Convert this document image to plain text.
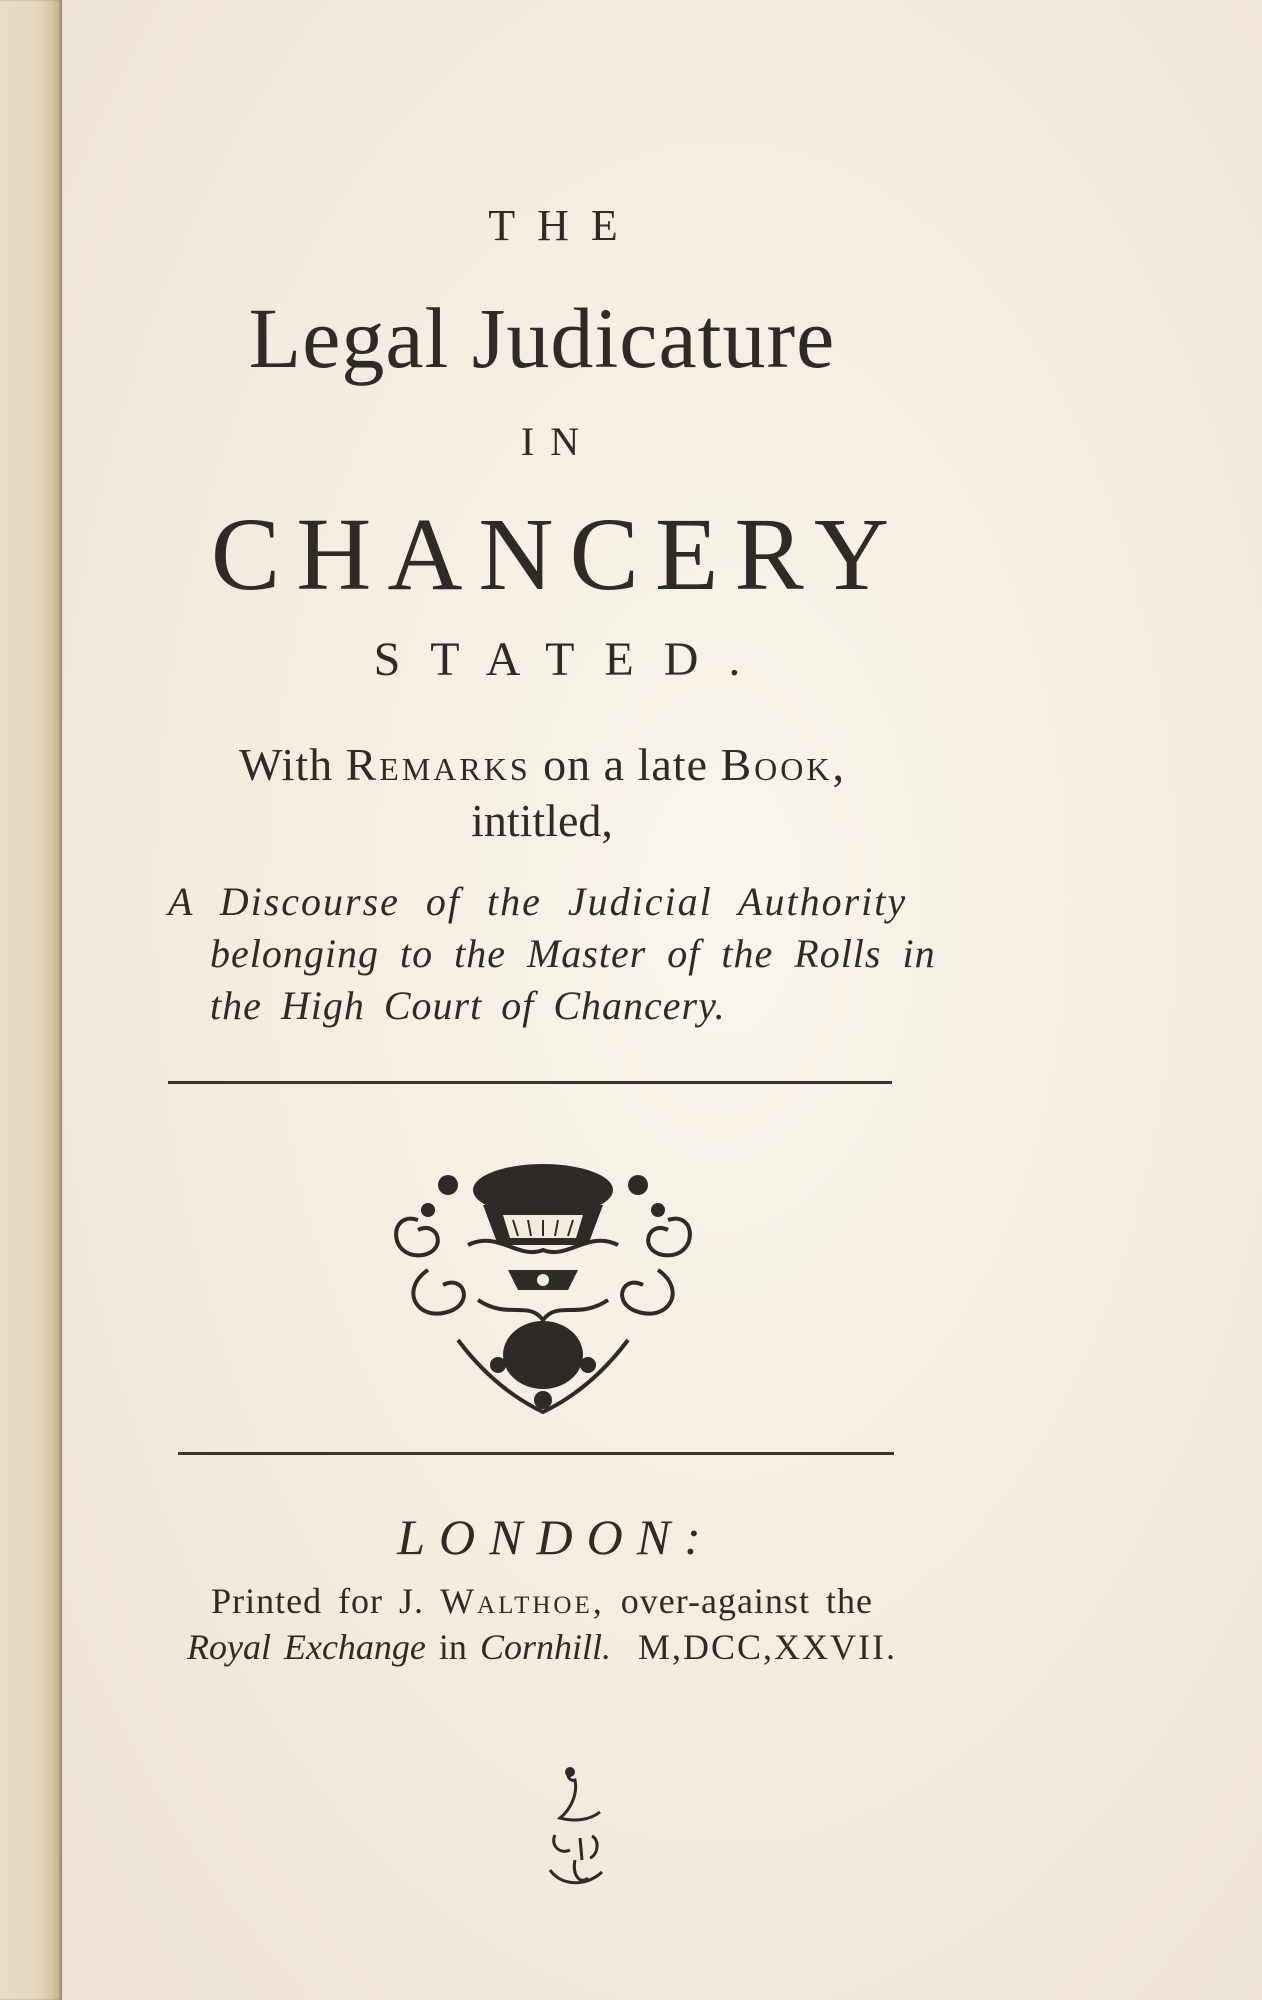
THE
Legal Judicature
IN
CHANCERY
STATED.
With Remarks on a late Book,
intitled,
A Discourse of the Judicial Authority
belonging to the Master of the Rolls in
the High Court of Chancery.
LONDON:
Printed for J. Walthoe, over-against the
Royal Exchange in Cornhill. M,DCC,XXVII.
